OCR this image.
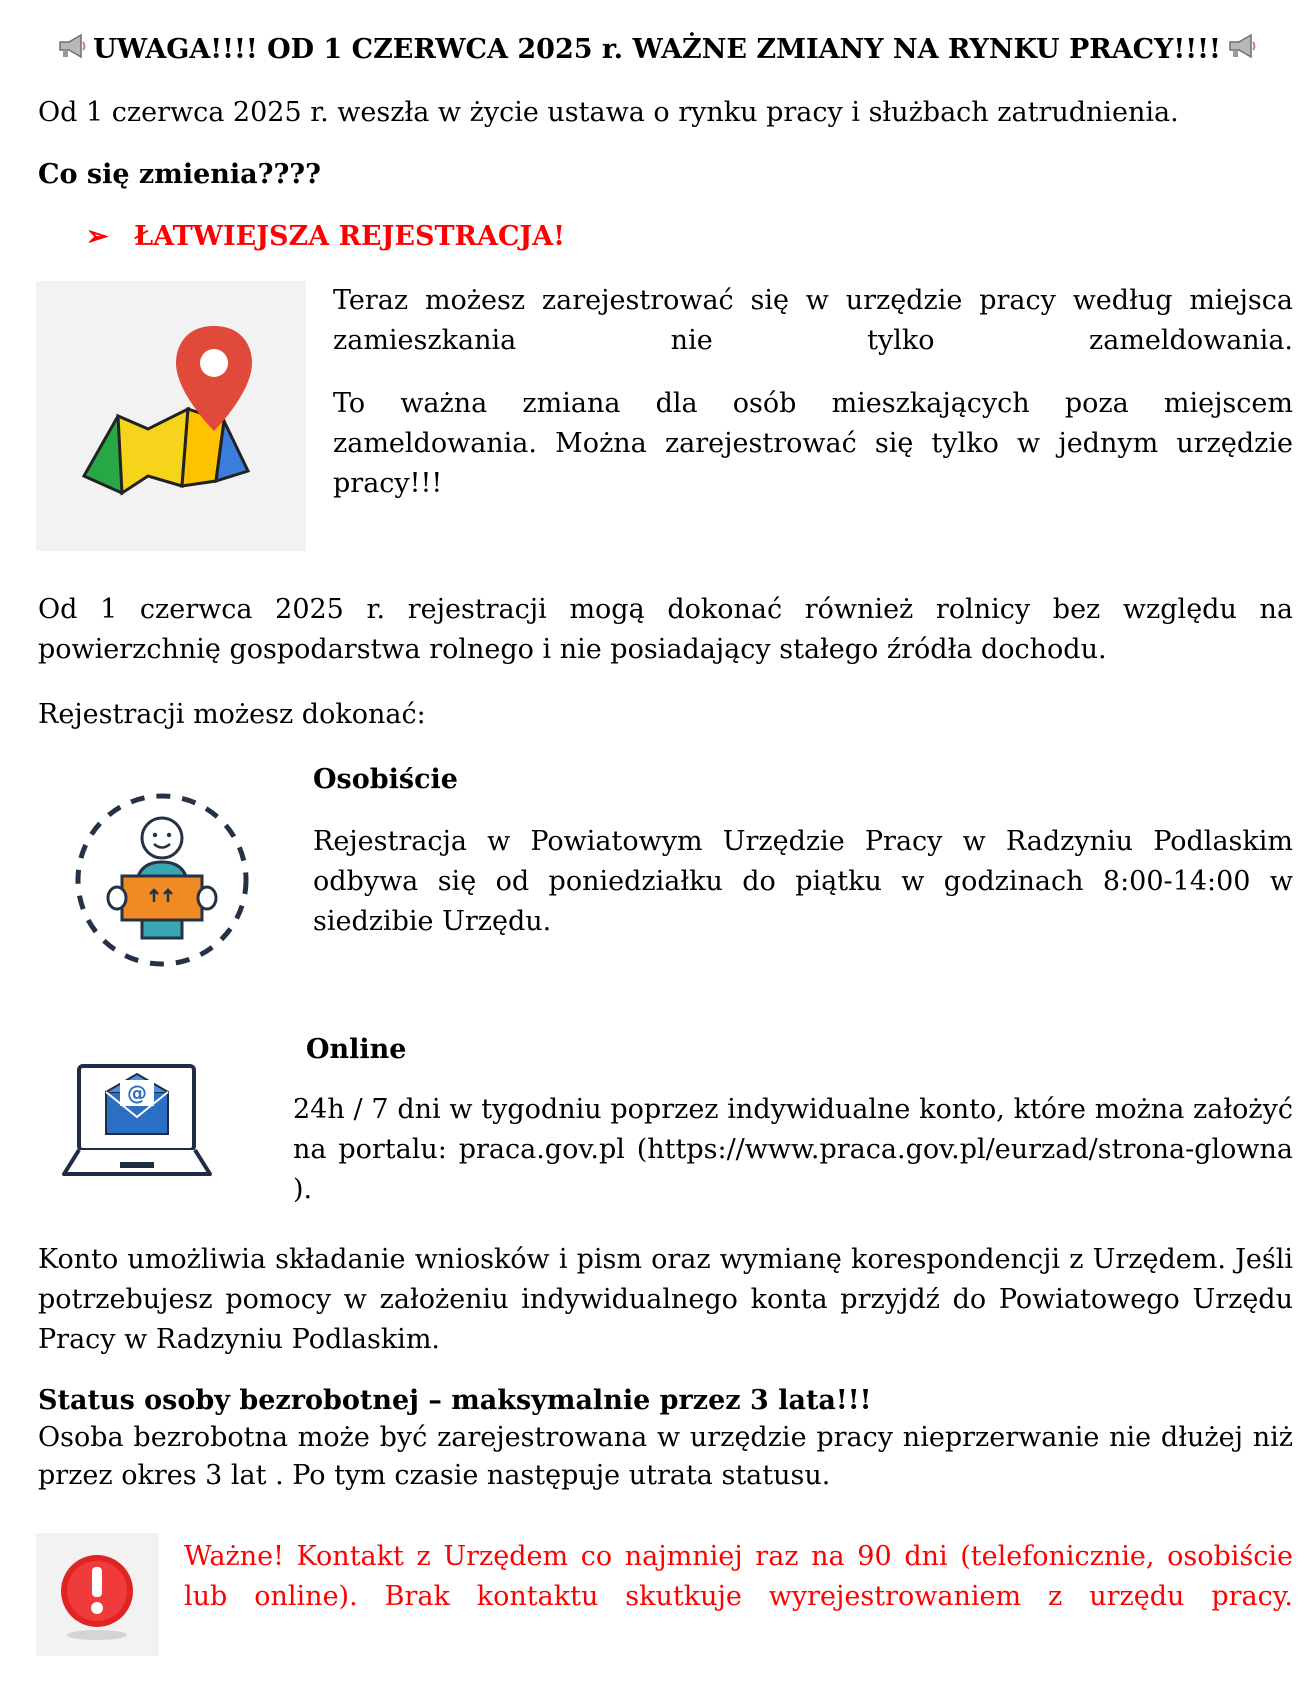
UWAGA!!!! OD 1 CZERWCA 2025 r. WAŻNE ZMIANY NA RYNKU PRACY!!!!
Od 1 czerwca 2025 r. weszła w życie ustawa o rynku pracy i służbach zatrudnienia.
Co się zmienia????
➢ ŁATWIEJSZA REJESTRACJA!
Teraz możesz zarejestrować się w urzędzie pracy według miejsca zamieszkania nie tylko zameldowania.
To ważna zmiana dla osób mieszkających poza miejscem zameldowania. Można zarejestrować się tylko w jednym urzędzie pracy!!!
Od 1 czerwca 2025 r. rejestracji mogą dokonać również rolnicy bez względu na powierzchnię gospodarstwa rolnego i nie posiadający stałego źródła dochodu.
Rejestracji możesz dokonać:
Osobiście
Rejestracja w Powiatowym Urzędzie Pracy w Radzyniu Podlaskim odbywa się od poniedziałku do piątku w godzinach 8:00-14:00 w siedzibie Urzędu.
@
Online
24h / 7 dni w tygodniu poprzez indywidualne konto, które można założyć na portalu: praca.gov.pl (https://www.praca.gov.pl/eurzad/strona-glowna ).
Konto umożliwia składanie wniosków i pism oraz wymianę korespondencji z Urzędem. Jeśli potrzebujesz pomocy w założeniu indywidualnego konta przyjdź do Powiatowego Urzędu Pracy w Radzyniu Podlaskim.
Status osoby bezrobotnej – maksymalnie przez 3 lata!!!
Osoba bezrobotna może być zarejestrowana w urzędzie pracy nieprzerwanie nie dłużej niż przez okres 3 lat . Po tym czasie następuje utrata statusu.
Ważne! Kontakt z Urzędem co najmniej raz na 90 dni (telefonicznie, osobiście lub online). Brak kontaktu skutkuje wyrejestrowaniem z urzędu pracy.
